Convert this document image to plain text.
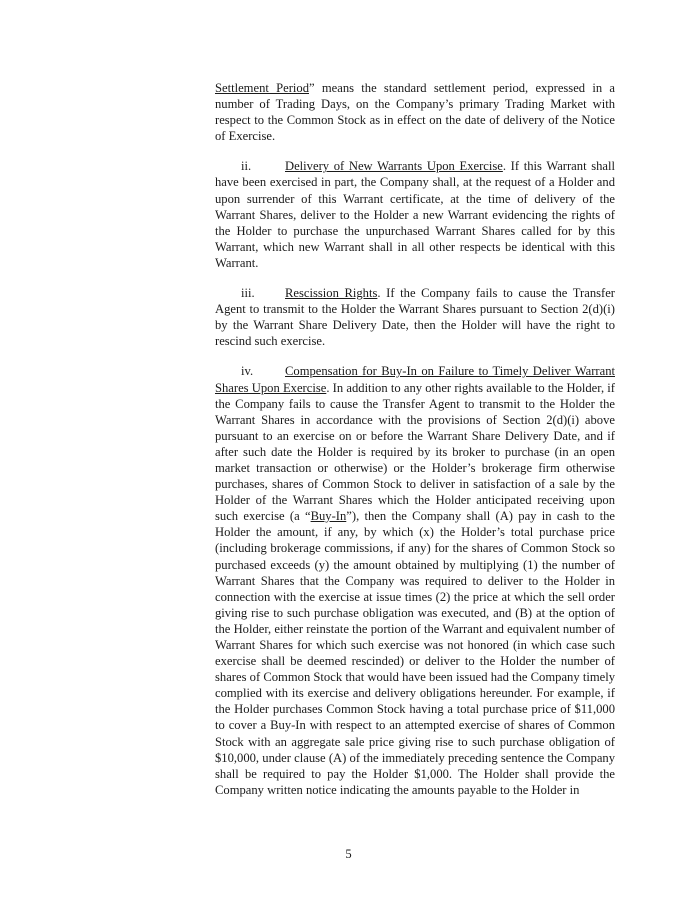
Settlement Period” means the standard settlement period, expressed in a number of Trading Days, on the Company’s primary Trading Market with respect to the Common Stock as in effect on the date of delivery of the Notice of Exercise.

ii.	Delivery of New Warrants Upon Exercise. If this Warrant shall have been exercised in part, the Company shall, at the request of a Holder and upon surrender of this Warrant certificate, at the time of delivery of the Warrant Shares, deliver to the Holder a new Warrant evidencing the rights of the Holder to purchase the unpurchased Warrant Shares called for by this Warrant, which new Warrant shall in all other respects be identical with this Warrant.

iii. Rescission Rights. If the Company fails to cause the Transfer Agent to transmit to the Holder the Warrant Shares pursuant to Section 2(d)(i) by the Warrant Share Delivery Date, then the Holder will have the right to rescind such exercise.

iv.	Compensation for Buy-In on Failure to Timely Deliver Warrant Shares Upon Exercise. In addition to any other rights available to the Holder, if the Company fails to cause the Transfer Agent to transmit to the Holder the Warrant Shares in accordance with the provisions of Section 2(d)(i) above pursuant to an exercise on or before the Warrant Share Delivery Date, and if after such date the Holder is required by its broker to purchase (in an open market transaction or otherwise) or the Holder’s brokerage firm otherwise purchases, shares of Common Stock to deliver in satisfaction of a sale by the Holder of the Warrant Shares which the Holder anticipated receiving upon such exercise (a “Buy-In”), then the Company shall (A) pay in cash to the Holder the amount, if any, by which (x) the Holder’s total purchase price (including brokerage commissions, if any) for the shares of Common Stock so purchased exceeds (y) the amount obtained by multiplying (1) the number of Warrant Shares that the Company was required to deliver to the Holder in connection with the exercise at issue times (2) the price at which the sell order giving rise to such purchase obligation was executed, and (B) at the option of the Holder, either reinstate the portion of the Warrant and equivalent number of Warrant Shares for which such exercise was not honored (in which case such exercise shall be deemed rescinded) or deliver to the Holder the number of shares of Common Stock that would have been issued had the Company timely complied with its exercise and delivery obligations hereunder. For example, if the Holder purchases Common Stock having a total purchase price of $11,000 to cover a Buy-In with respect to an attempted exercise of shares of Common Stock with an aggregate sale price giving rise to such purchase obligation of $10,000, under clause (A) of the immediately preceding sentence the Company shall be required to pay the Holder $1,000. The Holder shall provide the Company written notice indicating the amounts payable to the Holder in

5
